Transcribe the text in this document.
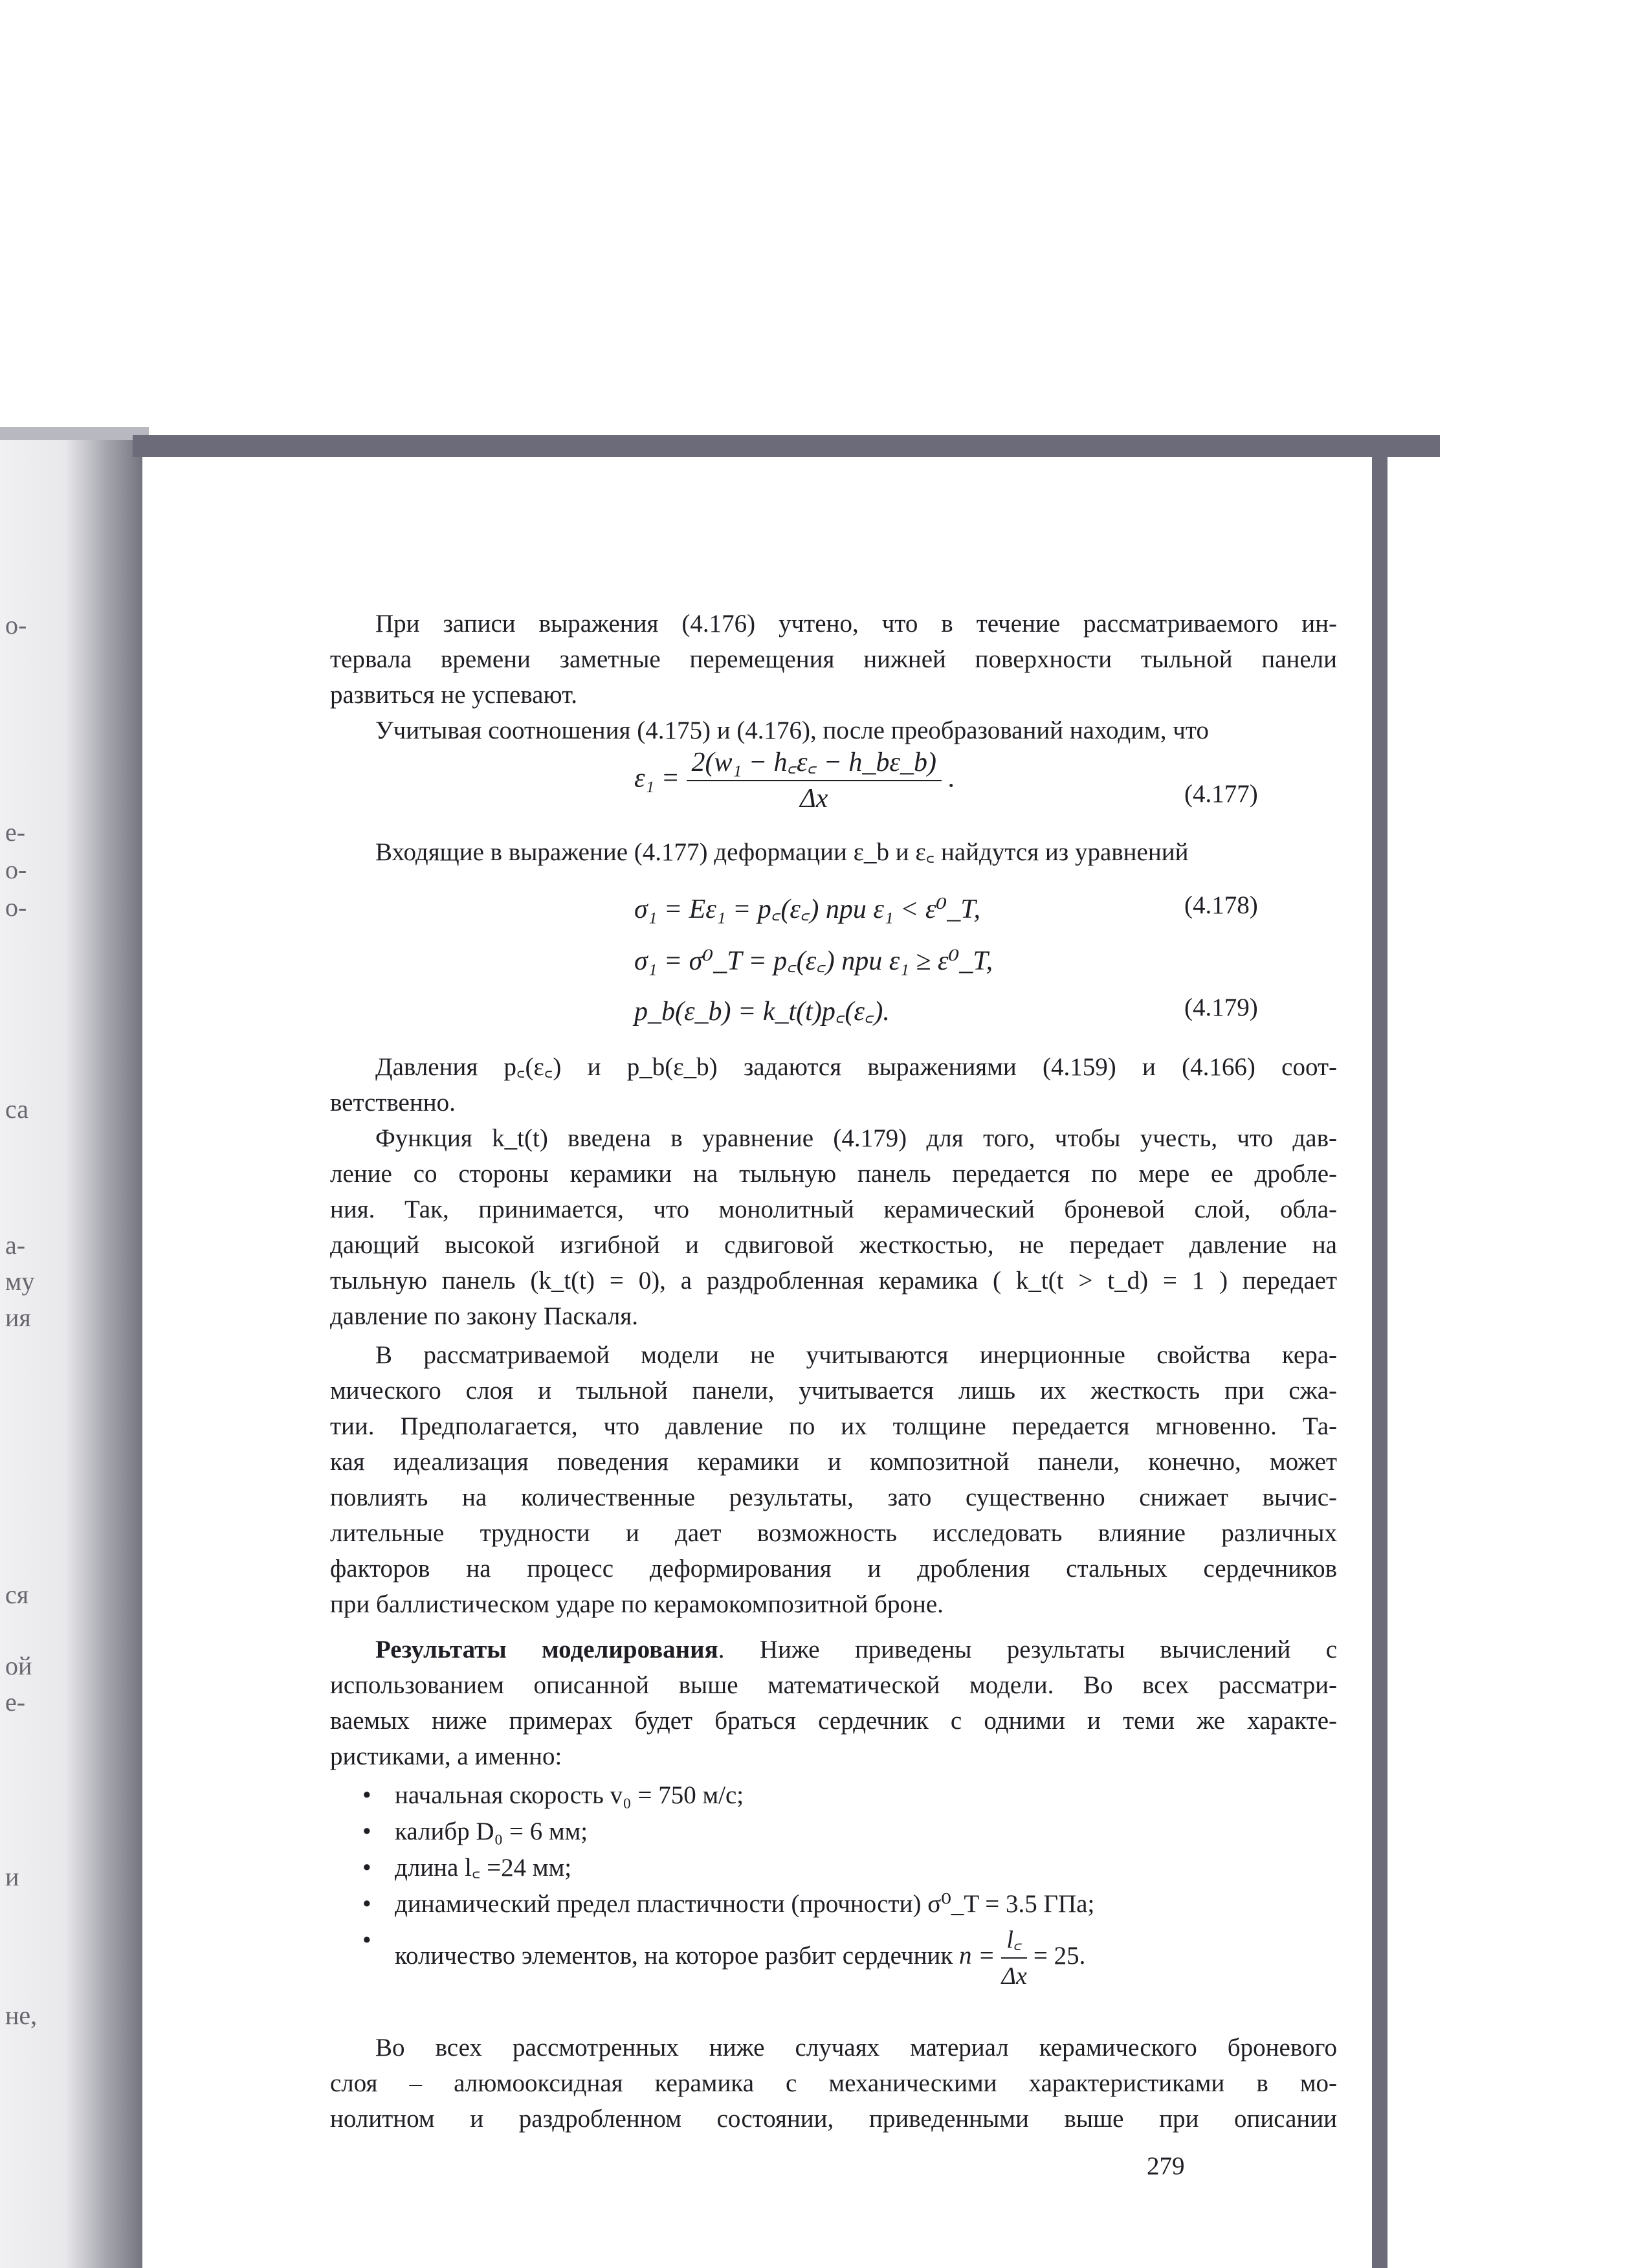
о-
е-
о-
о-
са
а-
му
ия
ся
ой
е-
и
не,
При записи выражения (4.176) учтено, что в течение рассматриваемого ин-
тервала времени заметные перемещения нижней поверхности тыльной панели
развиться не успевают.
Учитывая соотношения (4.175) и (4.176), после преобразований находим, что
$\varepsilon_1 = \frac{\text{2(w₁ − h꜀ε꜀ − h\_bε\_b)}}{\Delta x}$ .
(4.177)
Входящие в выражение (4.177) деформации ε_b и ε꜀ найдутся из уравнений
σ₁ = Eε₁ = p꜀(ε꜀) при ε₁ < ε⁰_T,	(4.178)
σ₁ = σ⁰_T = p꜀(ε꜀) при ε₁ ≥ ε⁰_T,
p_b(ε_b) = k_t(t)p꜀(ε꜀).	(4.179)
Давления p꜀(ε꜀) и p_b(ε_b) задаются выражениями (4.159) и (4.166) соот-
ветственно.
Функция k_t(t) введена в уравнение (4.179) для того, чтобы учесть, что дав-
ление со стороны керамики на тыльную панель передается по мере ее дробле-
ния. Так, принимается, что монолитный керамический броневой слой, обла-
дающий высокой изгибной и сдвиговой жесткостью, не передает давление на
тыльную панель (k_t(t) = 0), а раздробленная керамика ( k_t(t > t_d) = 1 ) передает
давление по закону Паскаля.
В рассматриваемой модели не учитываются инерционные свойства кера-
мического слоя и тыльной панели, учитывается лишь их жесткость при сжа-
тии. Предполагается, что давление по их толщине передается мгновенно. Та-
кая идеализация поведения керамики и композитной панели, конечно, может
повлиять на количественные результаты, зато существенно снижает вычис-
лительные трудности и дает возможность исследовать влияние различных
факторов на процесс деформирования и дробления стальных сердечников
при баллистическом ударе по керамокомпозитной броне.
Результаты моделирования. Ниже приведены результаты вычислений с
использованием описанной выше математической модели. Во всех рассматри-
ваемых ниже примерах будет браться сердечник с одними и теми же характе-
ристиками, а именно:
• начальная скорость v₀ = 750 м/с;
• калибр D₀ = 6 мм;
• длина l꜀ =24 мм;
• динамический предел пластичности (прочности) σ⁰_T = 3.5 ГПа;
• количество элементов, на которое разбит сердечник $n = \frac{l꜀}{\Delta x} = 25$.
Во всех рассмотренных ниже случаях материал керамического броневого
слоя – алюмооксидная керамика с механическими характеристиками в мо-
нолитном и раздробленном состоянии, приведенными выше при описании
279
